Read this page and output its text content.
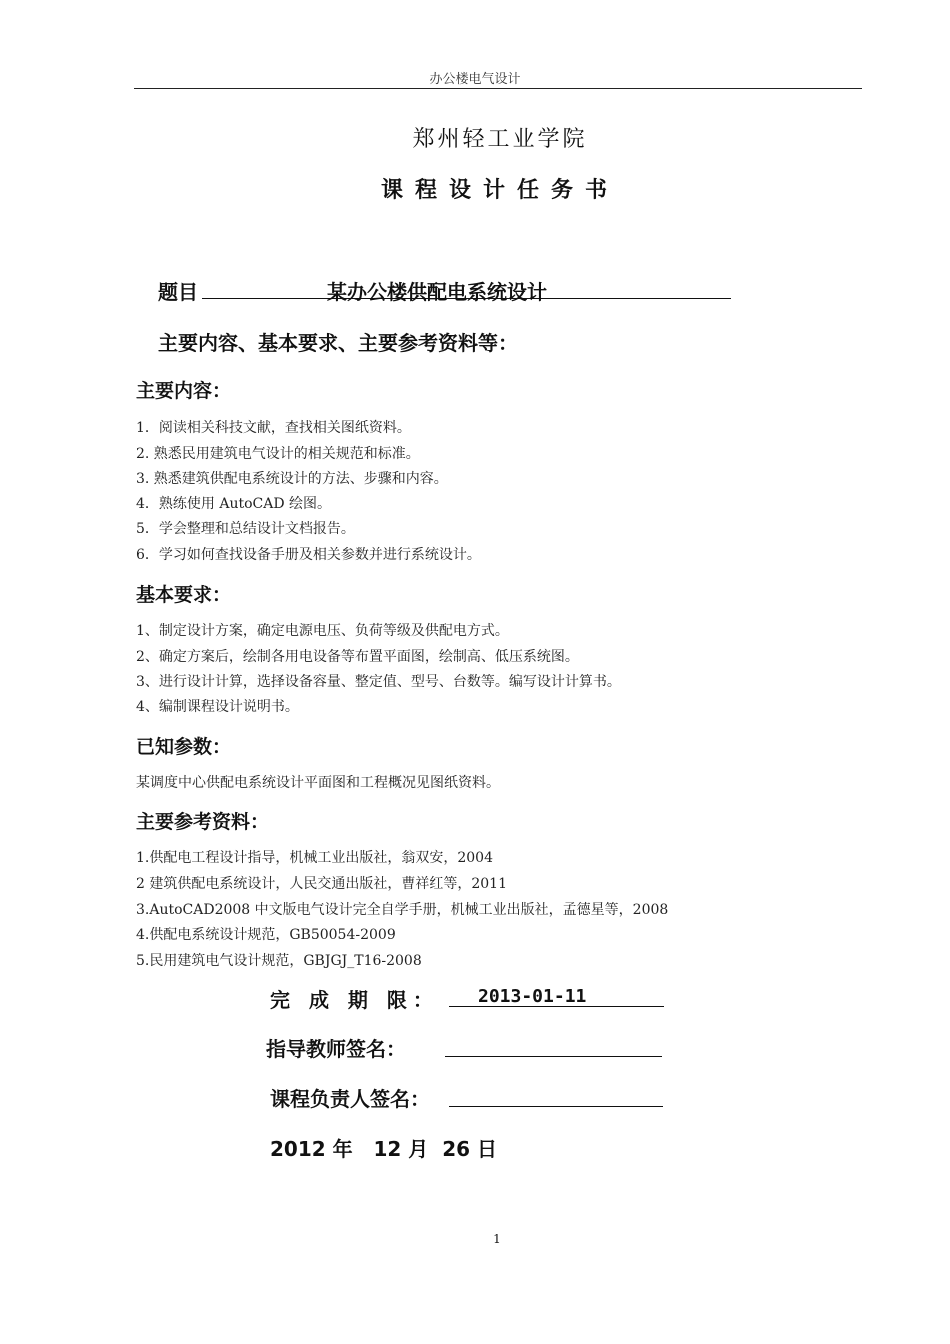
办公楼电气设计
郑州轻工业学院
课程设计任务书
题目	某办公楼供配电系统设计
主要内容、基本要求、主要参考资料等：
主要内容：
1．阅读相关科技文献，查找相关图纸资料。
2. 熟悉民用建筑电气设计的相关规范和标准。
3. 熟悉建筑供配电系统设计的方法、步骤和内容。
4．熟练使用 AutoCAD 绘图。
5．学会整理和总结设计文档报告。
6．学习如何查找设备手册及相关参数并进行系统设计。
基本要求：
1、制定设计方案，确定电源电压、负荷等级及供配电方式。
2、确定方案后，绘制各用电设备等布置平面图，绘制高、低压系统图。
3、进行设计计算，选择设备容量、整定值、型号、台数等。编写设计计算书。
4、编制课程设计说明书。
已知参数：
某调度中心供配电系统设计平面图和工程概况见图纸资料。
主要参考资料：
1.供配电工程设计指导，机械工业出版社，翁双安，2004
2 建筑供配电系统设计，人民交通出版社，曹祥红等，2011
3.AutoCAD2008 中文版电气设计完全自学手册，机械工业出版社，孟德星等，2008
4.供配电系统设计规范，GB50054-2009
5.民用建筑电气设计规范，GBJGJ_T16-2008
完 成 期 限： 2013-01-11
指导教师签名：
课程负责人签名：
2012 年   12 月  26 日
1
